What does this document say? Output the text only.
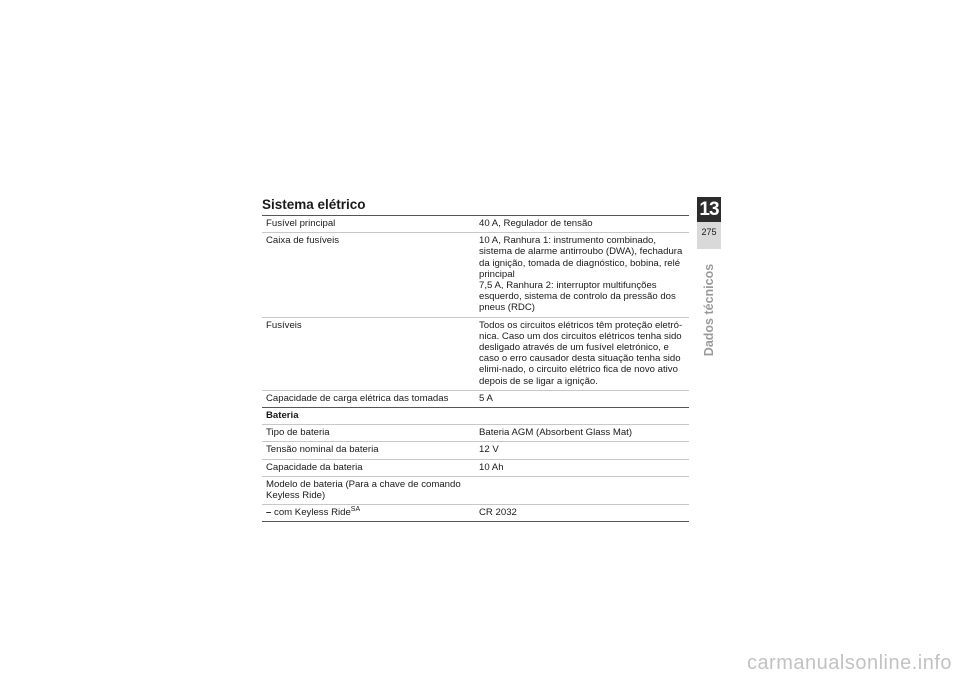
Sistema elétrico
Fusível principal	40 A, Regulador de tensão
Caixa de fusíveis	10 A, Ranhura 1: instrumento combinado, sistema de alarme antirroubo (DWA), fechadura da ignição, tomada de diagnóstico, bobina, relé principal
7,5 A, Ranhura 2: interruptor multifunções esquerdo, sistema de controlo da pressão dos pneus (RDC)
Fusíveis	Todos os circuitos elétricos têm proteção eletró-nica. Caso um dos circuitos elétricos tenha sido desligado através de um fusível eletrónico, e caso o erro causador desta situação tenha sido elimi-nado, o circuito elétrico fica de novo ativo depois de se ligar a ignição.
Capacidade de carga elétrica das tomadas	5 A
Bateria	
Tipo de bateria	Bateria AGM (Absorbent Glass Mat)
Tensão nominal da bateria	12 V
Capacidade da bateria	10 Ah
Modelo de bateria (Para a chave de comando Keyless Ride)	
– com Keyless Ride$^{SA}$	CR 2032
13
275
Dados técnicos
carmanualsonline.info
